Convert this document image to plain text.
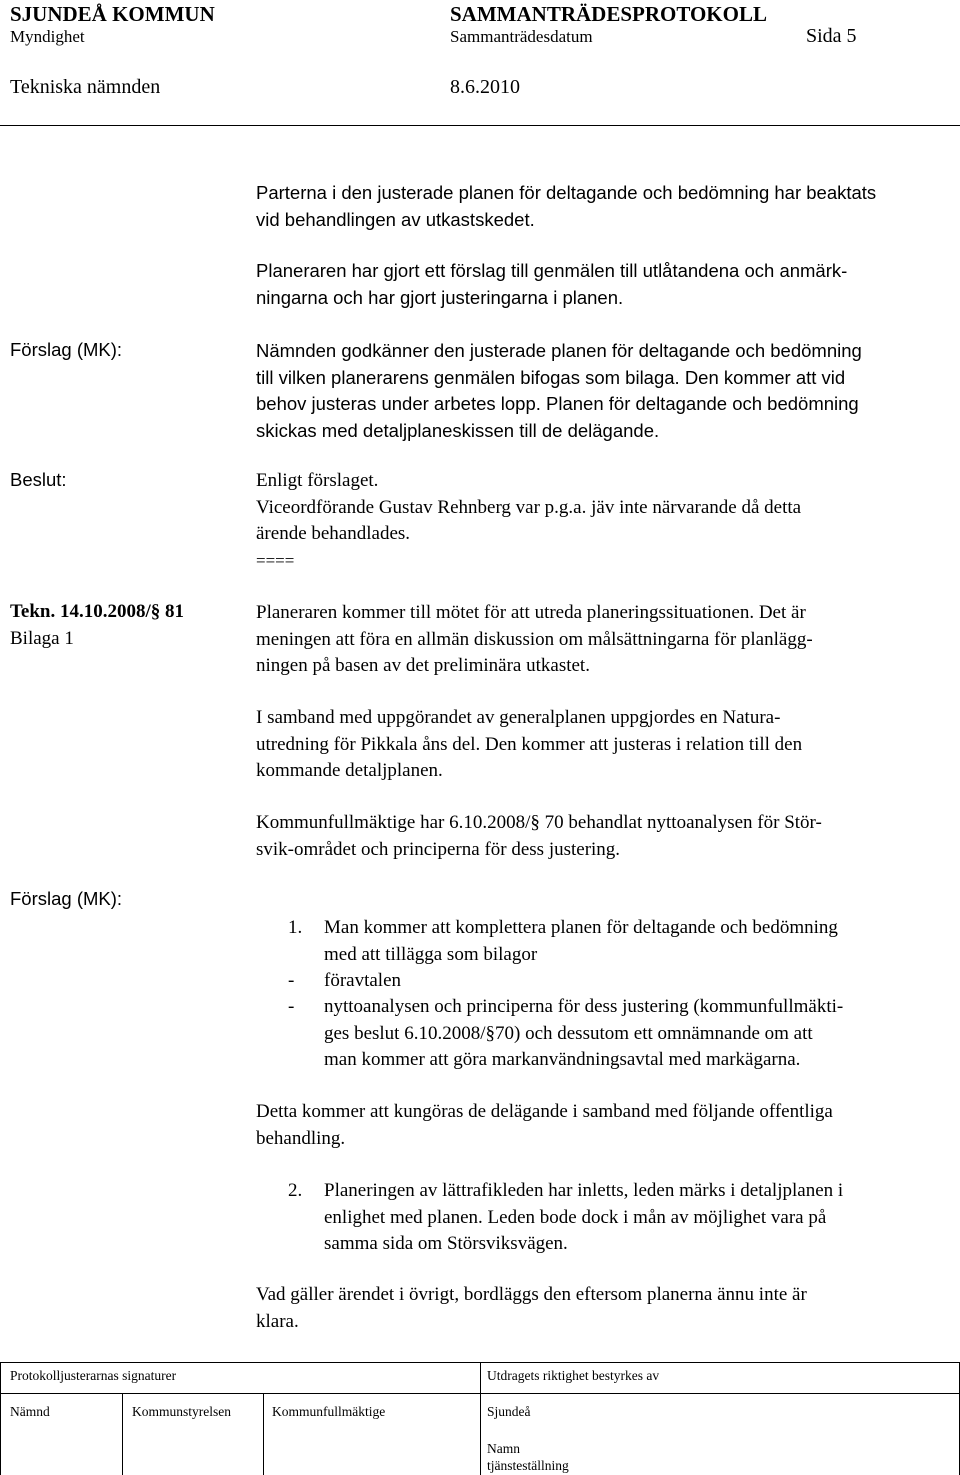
SJUNDEÅ KOMMUN	SAMMANTRÄDESPROTOKOLL
Myndighet	Sammanträdesdatum	Sida 5
Tekniska nämnden	8.6.2010
Parterna i den justerade planen för deltagande och bedömning har beaktats
vid behandlingen av utkastskedet.
Planeraren har gjort ett förslag till genmälen till utlåtandena och anmärk-
ningarna och har gjort justeringarna i planen.
Förslag (MK):	Nämnden godkänner den justerade planen för deltagande och bedömning
till vilken planerarens genmälen bifogas som bilaga. Den kommer att vid
behov justeras under arbetes lopp. Planen för deltagande och bedömning
skickas med detaljplaneskissen till de delägande.
Beslut:	Enligt förslaget.
Viceordförande Gustav Rehnberg var p.g.a. jäv inte närvarande då detta
ärende behandlades.
====
Tekn. 14.10.2008/§ 81
Bilaga 1
Planeraren kommer till mötet för att utreda planeringssituationen. Det är
meningen att föra en allmän diskussion om målsättningarna för planlägg-
ningen på basen av det preliminära utkastet.
I samband med uppgörandet av generalplanen uppgjordes en Natura-
utredning för Pikkala åns del. Den kommer att justeras i relation till den
kommande detaljplanen.
Kommunfullmäktige har 6.10.2008/§ 70 behandlat nyttoanalysen för Stör-
svik-området och principerna för dess justering.
Förslag (MK):
1. Man kommer att komplettera planen för deltagande och bedömning
med att tillägga som bilagor
- föravtalen
- nyttoanalysen och principerna för dess justering (kommunfullmäkti-
ges beslut 6.10.2008/§70) och dessutom ett omnämnande om att
man kommer att göra markanvändningsavtal med markägarna.
Detta kommer att kungöras de delägande i samband med följande offentliga
behandling.
2. Planeringen av lättrafikleden har inletts, leden märks i detaljplanen i
enlighet med planen. Leden bode dock i mån av möjlighet vara på
samma sida om Störsviksvägen.
Vad gäller ärendet i övrigt, bordläggs den eftersom planerna ännu inte är
klara.
Protokolljusterarnas signaturer	Utdragets riktighet bestyrkes av
Nämnd	Kommunstyrelsen	Kommunfullmäktige	Sjundeå
Namn
tjänsteställning
